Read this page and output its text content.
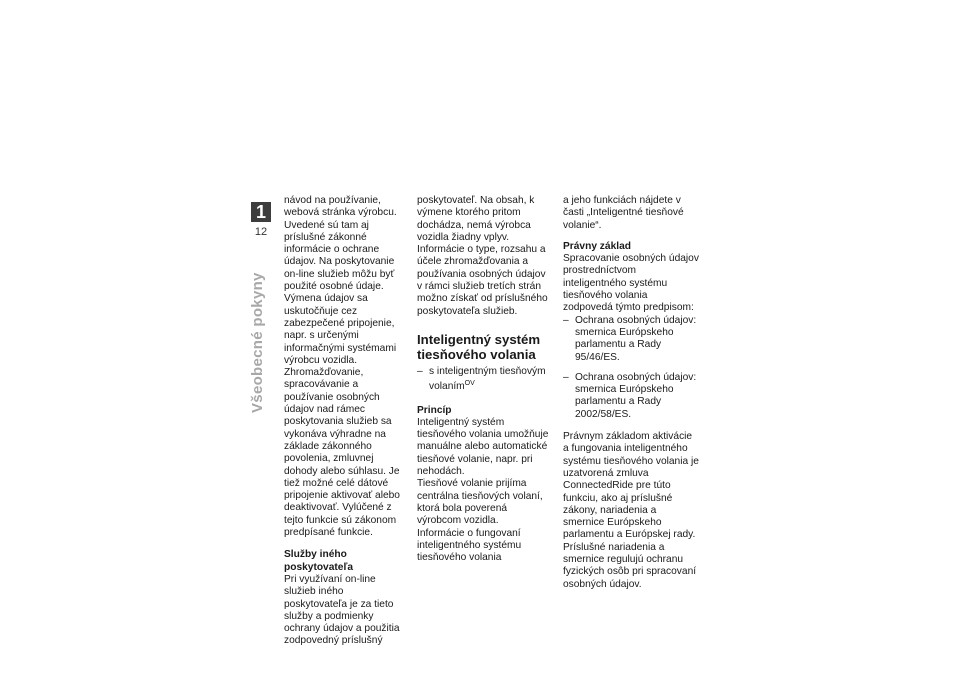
1
12
Všeobecné pokyny

návod na používanie, webová stránka výrobcu. Uvedené sú tam aj príslušné zákonné informácie o ochrane údajov. Na poskytovanie on-line služieb môžu byť použité osobné údaje. Výmena údajov sa uskutočňuje cez zabezpečené pripojenie, napr. s určenými informačnými systémami výrobcu vozidla.

Zhromažďovanie, spracovávanie a používanie osobných údajov nad rámec poskytovania služieb sa vykonáva výhradne na základe zákonného povolenia, zmluvnej dohody alebo súhlasu. Je tiež možné celé dátové pripojenie aktivovať alebo deaktivovať. Vylúčené z tejto funkcie sú zákonom predpísané funkcie.

Služby iného poskytovateľa

Pri využívaní on-line služieb iného poskytovateľa je za tieto služby a podmienky ochrany údajov a použitia zodpovedný príslušný

poskytovateľ. Na obsah, k výmene ktorého pritom dochádza, nemá výrobca vozidla žiadny vplyv. Informácie o type, rozsahu a účele zhromažďovania a používania osobných údajov v rámci služieb tretích strán možno získať od príslušného poskytovateľa služieb.

Inteligentný systém tiesňového volania
– s inteligentným tiesňovým volaním$^{OV}$

Princíp

Inteligentný systém tiesňového volania umožňuje manuálne alebo automatické tiesňové volanie, napr. pri nehodách.

Tiesňové volanie prijíma centrálna tiesňových volaní, ktorá bola poverená výrobcom vozidla.

Informácie o fungovaní inteligentného systému tiesňového volania

a jeho funkciách nájdete v časti „Inteligentné tiesňové volanie“.

Právny základ

Spracovanie osobných údajov prostredníctvom inteligentného systému tiesňového volania zodpovedá týmto predpisom:

– Ochrana osobných údajov: smernica Európskeho parlamentu a Rady 95/46/ES.
– Ochrana osobných údajov: smernica Európskeho parlamentu a Rady 2002/58/ES.

Právnym základom aktivácie a fungovania inteligentného systému tiesňového volania je uzatvorená zmluva ConnectedRide pre túto funkciu, ako aj príslušné zákony, nariadenia a smernice Európskeho parlamentu a Európskej rady.

Príslušné nariadenia a smernice regulujú ochranu fyzických osôb pri spracovaní osobných údajov.
